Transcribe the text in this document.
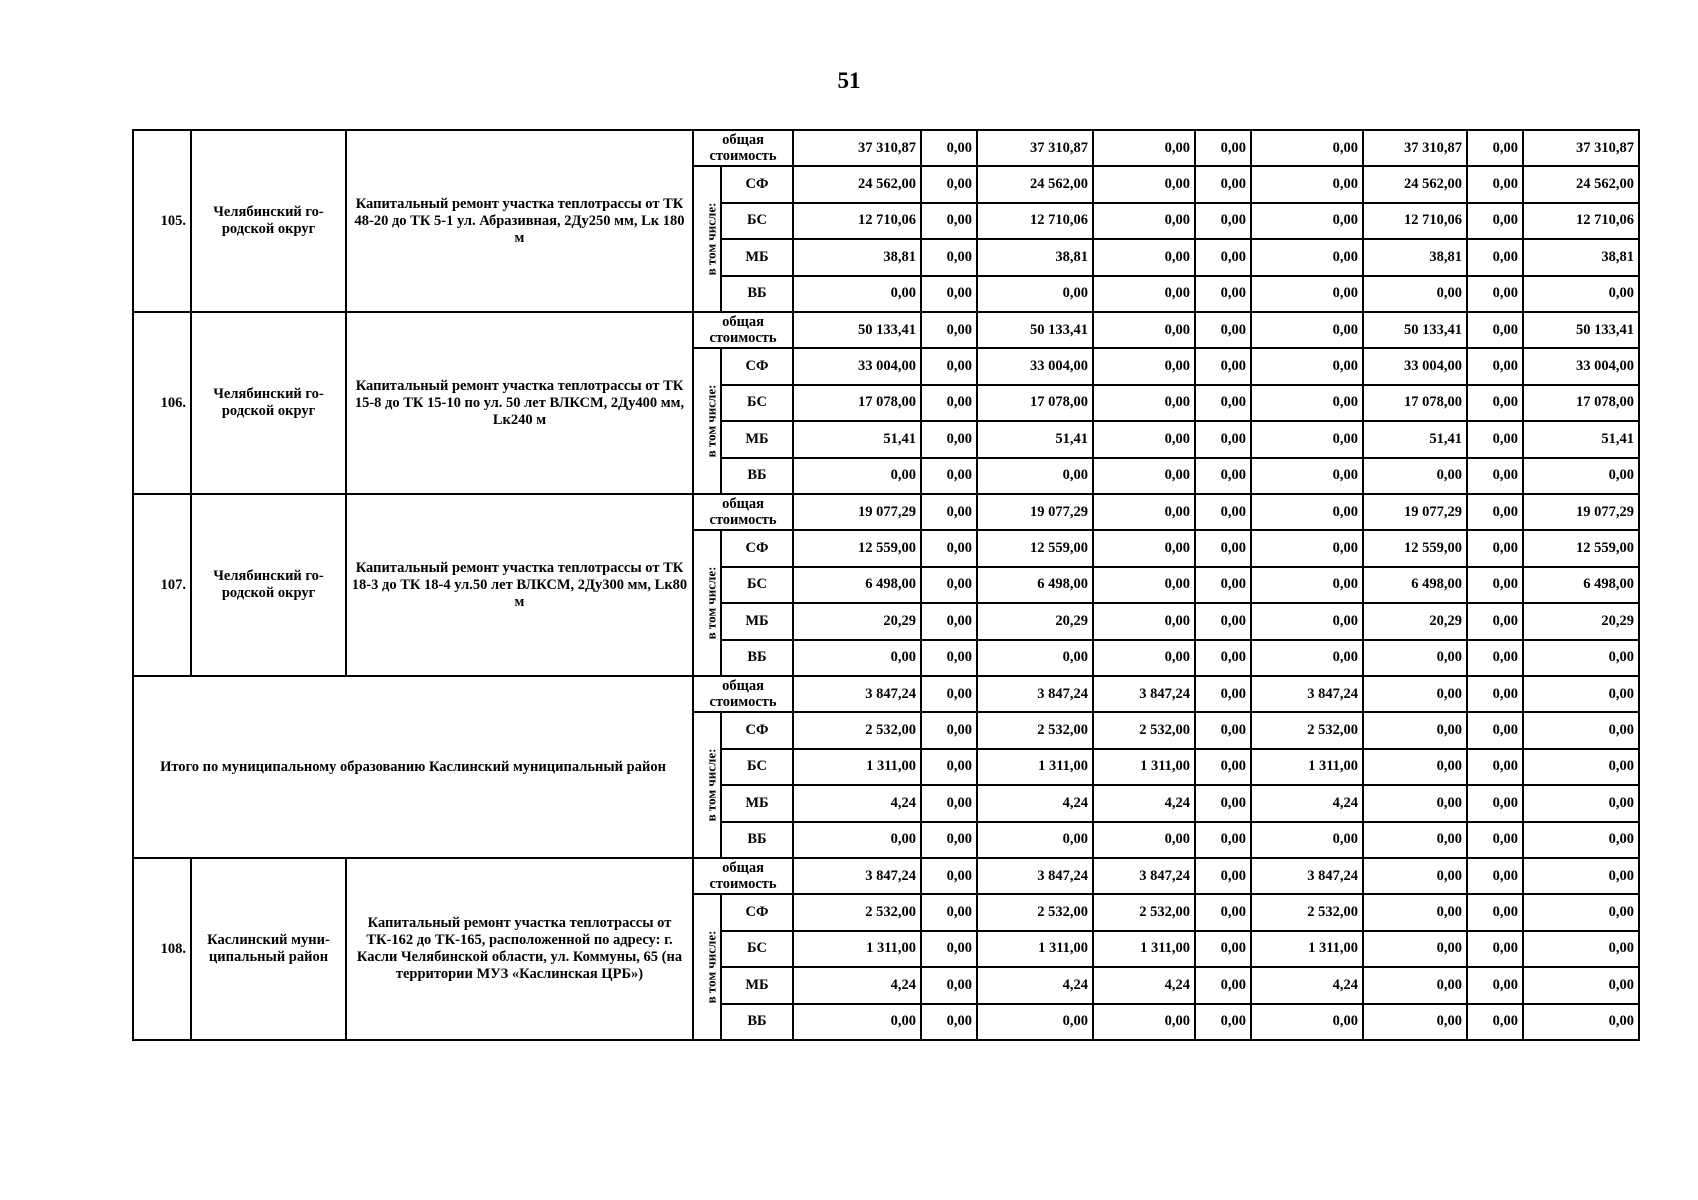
51
105.	Челябинский го-родской округ	Капитальный ремонт участка теплотрассы от ТК 48-20 до ТК 5-1 ул. Абразивная, 2Ду250 мм, Lк 180 м	общая стоимость		37 310,87	0,00	37 310,87	0,00	0,00	0,00	37 310,87	0,00	37 310,87

			в том числе:	СФ	24 562,00	0,00	24 562,00	0,00	0,00	0,00	24 562,00	0,00	24 562,00
				БС	12 710,06	0,00	12 710,06	0,00	0,00	0,00	12 710,06	0,00	12 710,06
				МБ	38,81	0,00	38,81	0,00	0,00	0,00	38,81	0,00	38,81
				ВБ	0,00	0,00	0,00	0,00	0,00	0,00	0,00	0,00	0,00
106.	Челябинский го-родской округ	Капитальный ремонт участка теплотрассы от ТК 15-8 до ТК 15-10 по ул. 50 лет ВЛКСМ, 2Ду400 мм, Lк240 м	общая стоимость		50 133,41	0,00	50 133,41	0,00	0,00	0,00	50 133,41	0,00	50 133,41

			в том числе:	СФ	33 004,00	0,00	33 004,00	0,00	0,00	0,00	33 004,00	0,00	33 004,00
				БС	17 078,00	0,00	17 078,00	0,00	0,00	0,00	17 078,00	0,00	17 078,00
				МБ	51,41	0,00	51,41	0,00	0,00	0,00	51,41	0,00	51,41
				ВБ	0,00	0,00	0,00	0,00	0,00	0,00	0,00	0,00	0,00
107.	Челябинский го-родской округ	Капитальный ремонт участка теплотрассы от ТК 18-3 до ТК 18-4 ул.50 лет ВЛКСМ, 2Ду300 мм, Lк80 м	общая стоимость		19 077,29	0,00	19 077,29	0,00	0,00	0,00	19 077,29	0,00	19 077,29

			в том числе:	СФ	12 559,00	0,00	12 559,00	0,00	0,00	0,00	12 559,00	0,00	12 559,00
				БС	6 498,00	0,00	6 498,00	0,00	0,00	0,00	6 498,00	0,00	6 498,00
				МБ	20,29	0,00	20,29	0,00	0,00	0,00	20,29	0,00	20,29
				ВБ	0,00	0,00	0,00	0,00	0,00	0,00	0,00	0,00	0,00
Итого по муниципальному образованию Каслинский муниципальный район			общая стоимость		3 847,24	0,00	3 847,24	3 847,24	0,00	3 847,24	0,00	0,00	0,00

			в том числе:	СФ	2 532,00	0,00	2 532,00	2 532,00	0,00	2 532,00	0,00	0,00	0,00
				БС	1 311,00	0,00	1 311,00	1 311,00	0,00	1 311,00	0,00	0,00	0,00
				МБ	4,24	0,00	4,24	4,24	0,00	4,24	0,00	0,00	0,00
				ВБ	0,00	0,00	0,00	0,00	0,00	0,00	0,00	0,00	0,00
108.	Каслинский муни-ципальный район	Капитальный ремонт участка теплотрассы от ТК-162 до ТК-165, расположенной по адресу: г. Касли Челябинской области, ул. Коммуны, 65 (на территории МУЗ «Каслинская ЦРБ»)	общая стоимость		3 847,24	0,00	3 847,24	3 847,24	0,00	3 847,24	0,00	0,00	0,00

			в том числе:	СФ	2 532,00	0,00	2 532,00	2 532,00	0,00	2 532,00	0,00	0,00	0,00
				БС	1 311,00	0,00	1 311,00	1 311,00	0,00	1 311,00	0,00	0,00	0,00
				МБ	4,24	0,00	4,24	4,24	0,00	4,24	0,00	0,00	0,00
				ВБ	0,00	0,00	0,00	0,00	0,00	0,00	0,00	0,00	0,00
